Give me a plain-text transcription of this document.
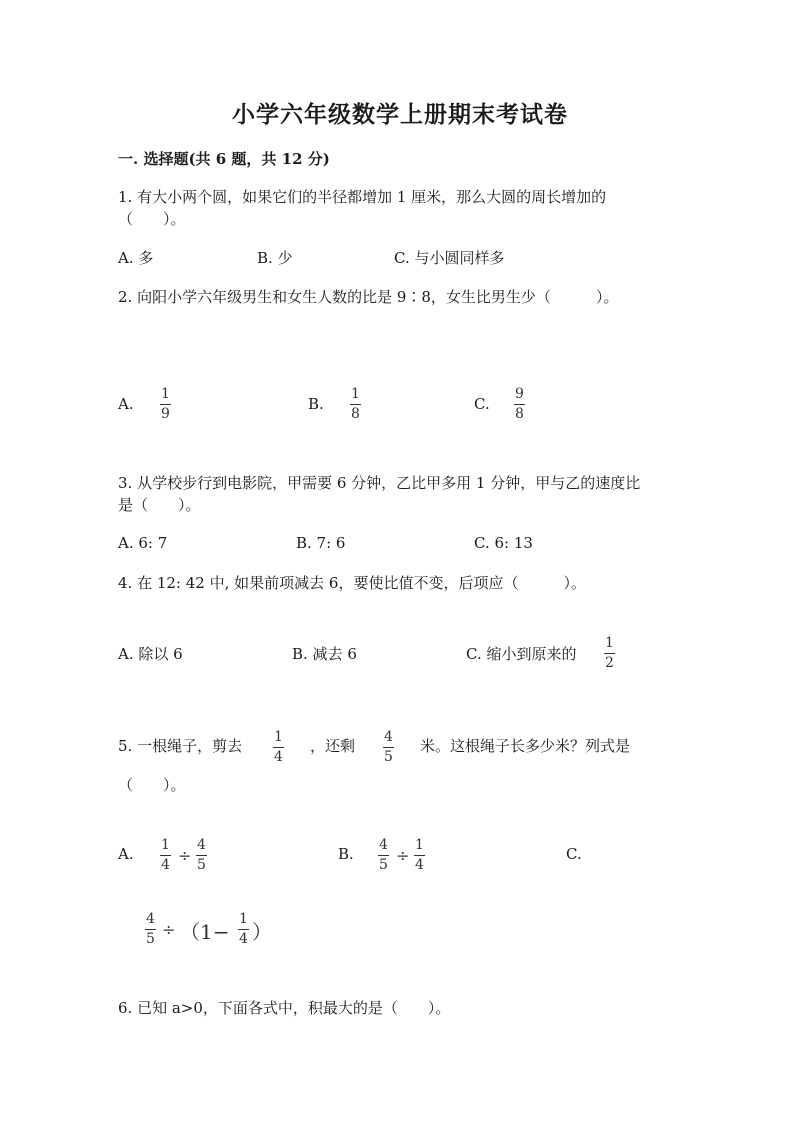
小学六年级数学上册期末考试卷
一. 选择题(共 6 题，共 12 分)
1. 有大小两个圆，如果它们的半径都增加 1 厘米，那么大圆的周长增加的
（　　）。
A. 多	B. 少	C. 与小圆同样多
2. 向阳小学六年级男生和女生人数的比是 9∶8，女生比男生少（　　　）。
A.
1
9
B.
1
8
C.
9
8
3. 从学校步行到电影院，甲需要 6 分钟，乙比甲多用 1 分钟，甲与乙的速度比
是（　　）。
A. 6: 7	B. 7: 6	C. 6: 13
4. 在 12: 42 中, 如果前项减去 6，要使比值不变，后项应（　　　）。
A. 除以 6	B. 减去 6	C. 缩小到原来的
1
2
5. 一根绳子，剪去 1
4
，还剩 4
5
米。这根绳子长多少米？列式是
（　　）。
A. 1
4 ÷
4
5
B. 4
5 ÷
1
4
C.
4
5 ÷ （1−
1
4 ）
6. 已知 a>0，下面各式中，积最大的是（　　）。
